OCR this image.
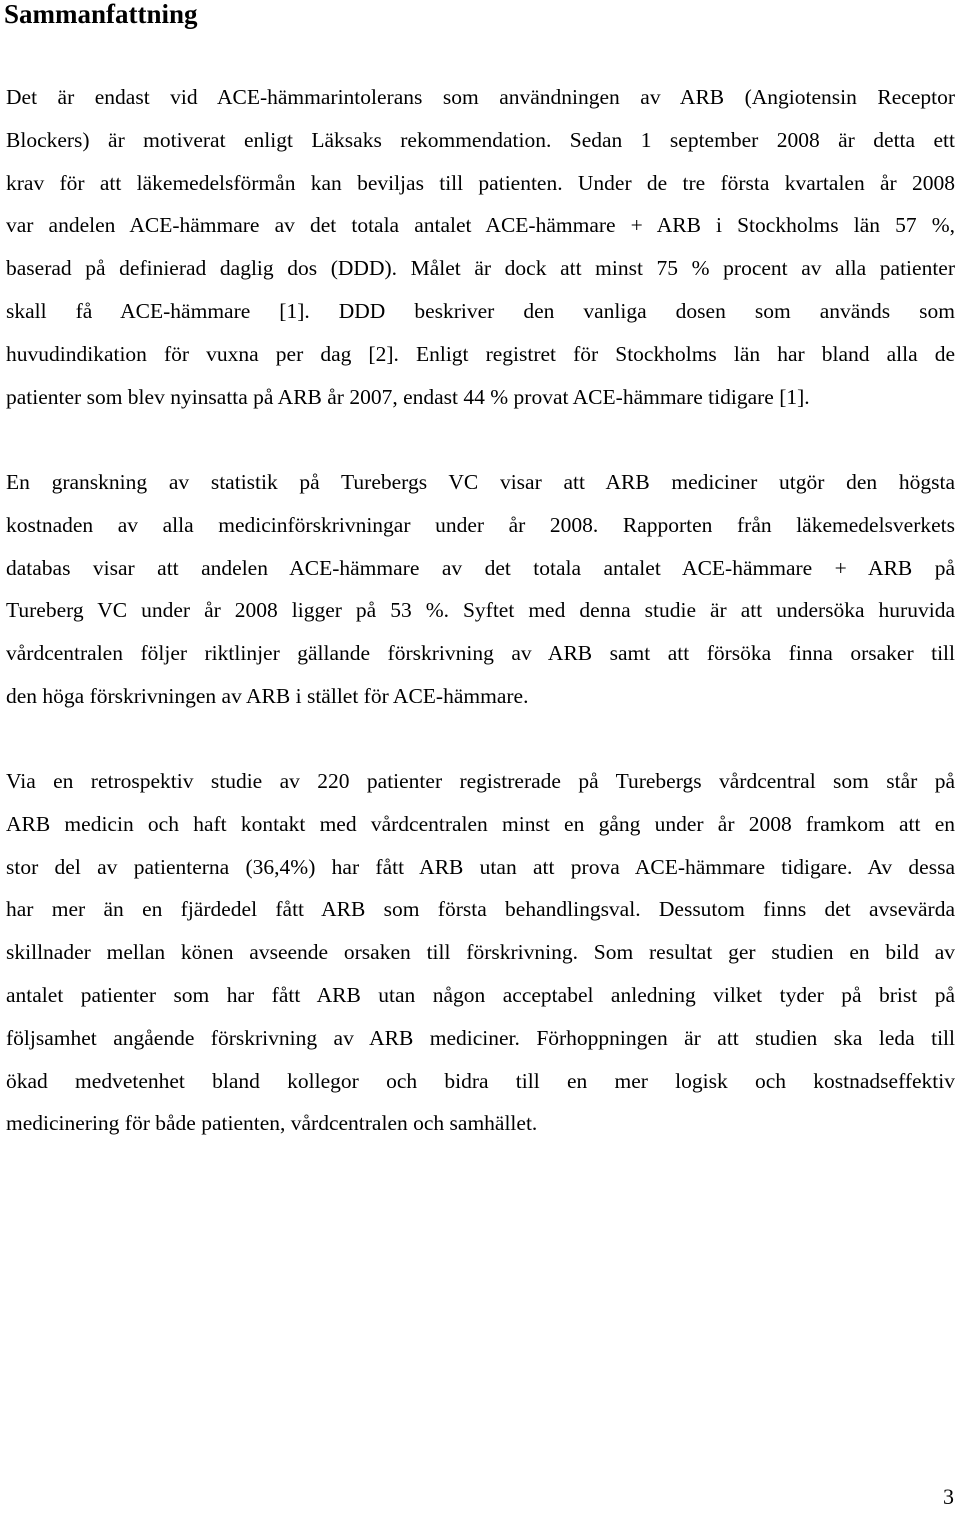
Sammanfattning

Det är endast vid ACE-hämmarintolerans som användningen av ARB (Angiotensin Receptor

Blockers) är motiverat enligt Läksaks rekommendation. Sedan 1 september 2008 är detta ett

krav för att läkemedelsförmån kan beviljas till patienten. Under de tre första kvartalen år 2008

var andelen ACE-hämmare av det totala antalet ACE-hämmare + ARB i Stockholms län 57 %,

baserad på definierad daglig dos (DDD). Målet är dock att minst 75 % procent av alla patienter

skall få ACE-hämmare [1]. DDD beskriver den vanliga dosen som används som

huvudindikation för vuxna per dag [2]. Enligt registret för Stockholms län har bland alla de

patienter som blev nyinsatta på ARB år 2007, endast 44 % provat ACE-hämmare tidigare [1].

En granskning av statistik på Turebergs VC visar att ARB mediciner utgör den högsta

kostnaden av alla medicinförskrivningar under år 2008. Rapporten från läkemedelsverkets

databas visar att andelen ACE-hämmare av det totala antalet ACE-hämmare + ARB på

Tureberg VC under år 2008 ligger på 53 %. Syftet med denna studie är att undersöka huruvida

vårdcentralen följer riktlinjer gällande förskrivning av ARB samt att försöka finna orsaker till

den höga förskrivningen av ARB i stället för ACE-hämmare.

Via en retrospektiv studie av 220 patienter registrerade på Turebergs vårdcentral som står på

ARB medicin och haft kontakt med vårdcentralen minst en gång under år 2008 framkom att en

stor del av patienterna (36,4%) har fått ARB utan att prova ACE-hämmare tidigare. Av dessa

har mer än en fjärdedel fått ARB som första behandlingsval. Dessutom finns det avsevärda

skillnader mellan könen avseende orsaken till förskrivning. Som resultat ger studien en bild av

antalet patienter som har fått ARB utan någon acceptabel anledning vilket tyder på brist på

följsamhet angående förskrivning av ARB mediciner. Förhoppningen är att studien ska leda till

ökad medvetenhet bland kollegor och bidra till en mer logisk och kostnadseffektiv

medicinering för både patienten, vårdcentralen och samhället.

3
